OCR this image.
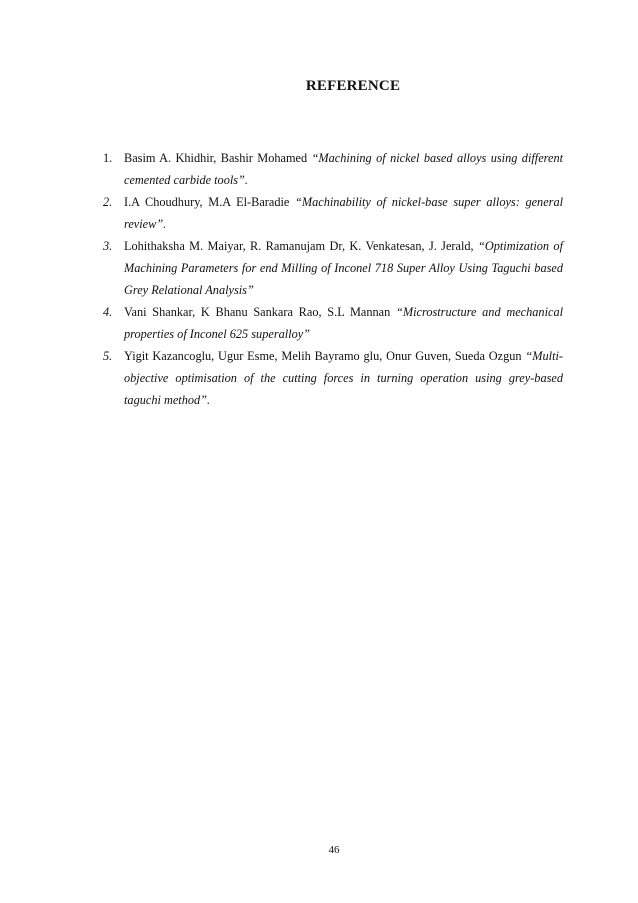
REFERENCE
1. Basim A. Khidhir, Bashir Mohamed “Machining of nickel based alloys using different cemented carbide tools”.
2. I.A Choudhury, M.A El-Baradie “Machinability of nickel-base super alloys: general review”.
3. Lohithaksha M. Maiyar, R. Ramanujam Dr, K. Venkatesan, J. Jerald, “Optimization of Machining Parameters for end Milling of Inconel 718 Super Alloy Using Taguchi based Grey Relational Analysis”
4. Vani Shankar, K Bhanu Sankara Rao, S.L Mannan “Microstructure and mechanical properties of Inconel 625 superalloy”
5. Yigit Kazancoglu, Ugur Esme, Melih Bayramo glu, Onur Guven, Sueda Ozgun “Multi-objective optimisation of the cutting forces in turning operation using grey-based taguchi method”.
46
